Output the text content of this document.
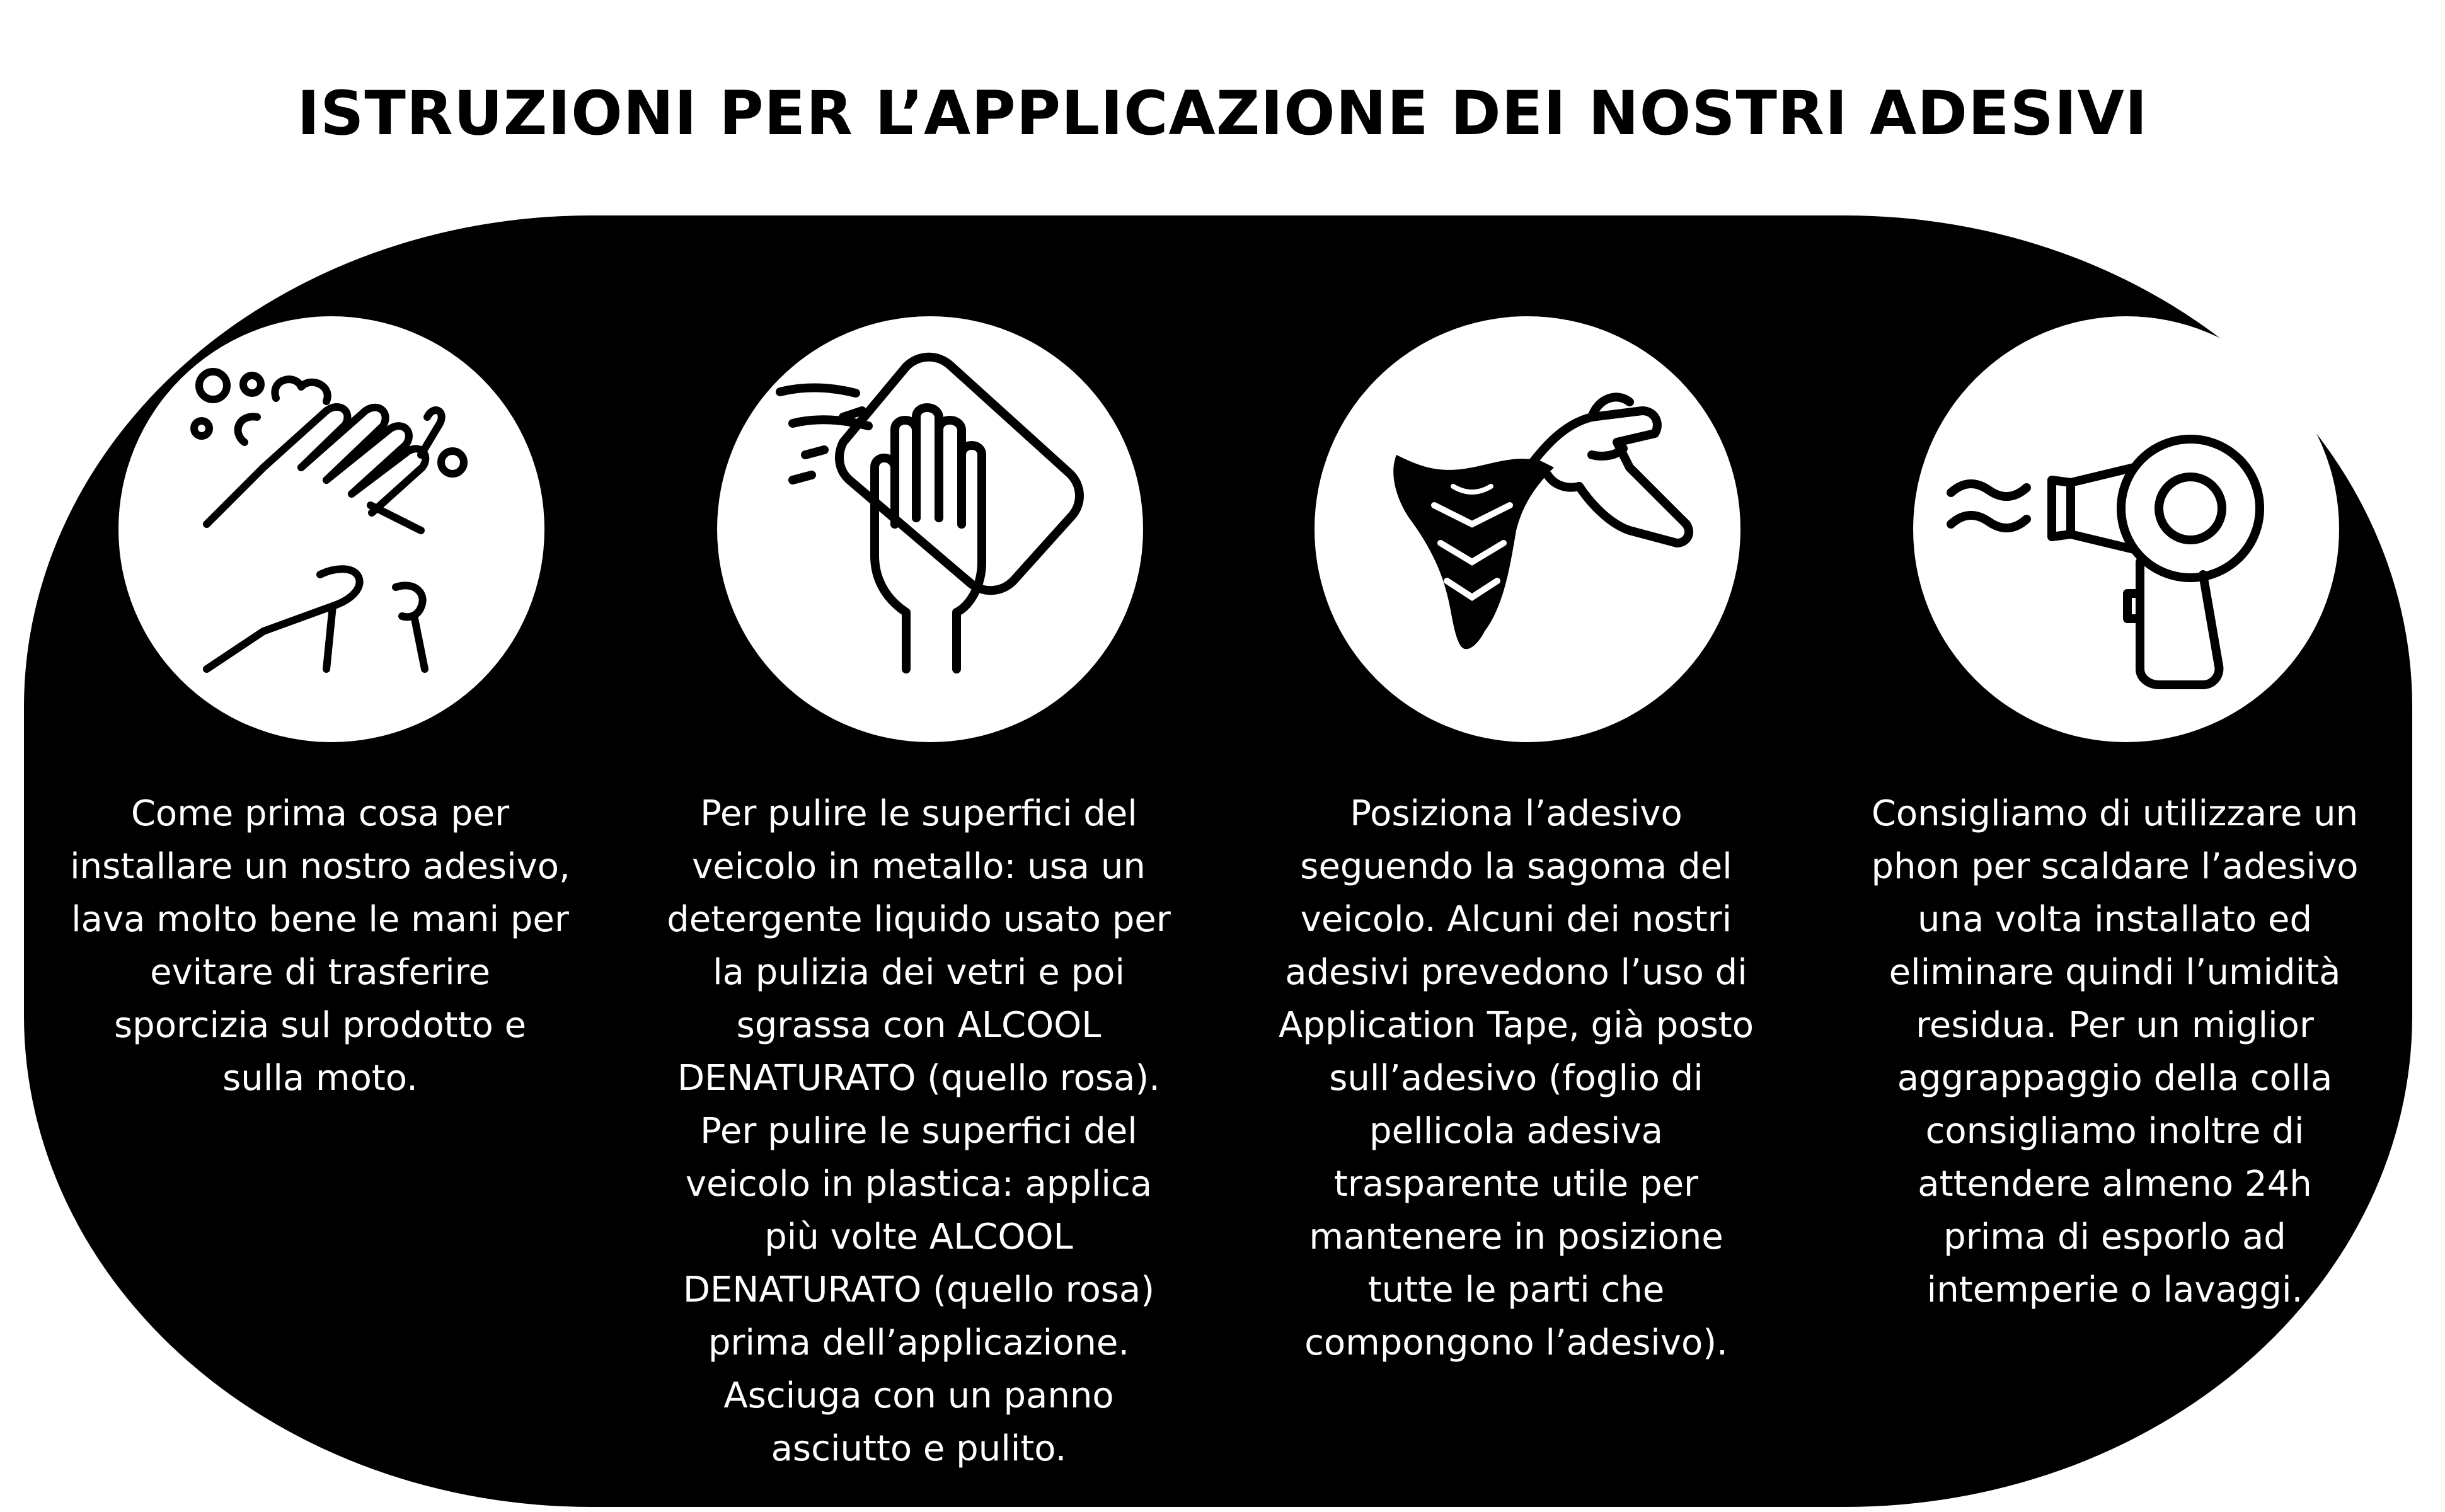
ISTRUZIONI PER L’APPLICAZIONE DEI NOSTRI ADESIVI
Come prima cosa per
installare un nostro adesivo,
lava molto bene le mani per
evitare di trasferire
sporcizia sul prodotto e
sulla moto.
Per pulire le superfici del
veicolo in metallo: usa un
detergente liquido usato per
la pulizia dei vetri e poi
sgrassa con ALCOOL
DENATURATO (quello rosa).
Per pulire le superfici del
veicolo in plastica: applica
più volte ALCOOL
DENATURATO (quello rosa)
prima dell’applicazione.
Asciuga con un panno
asciutto e pulito.
Posiziona l’adesivo
seguendo la sagoma del
veicolo. Alcuni dei nostri
adesivi prevedono l’uso di
Application Tape, già posto
sull’adesivo (foglio di
pellicola adesiva
trasparente utile per
mantenere in posizione
tutte le parti che
compongono l’adesivo).
Consigliamo di utilizzare un
phon per scaldare l’adesivo
una volta installato ed
eliminare quindi l’umidità
residua. Per un miglior
aggrappaggio della colla
consigliamo inoltre di
attendere almeno 24h
prima di esporlo ad
intemperie o lavaggi.
